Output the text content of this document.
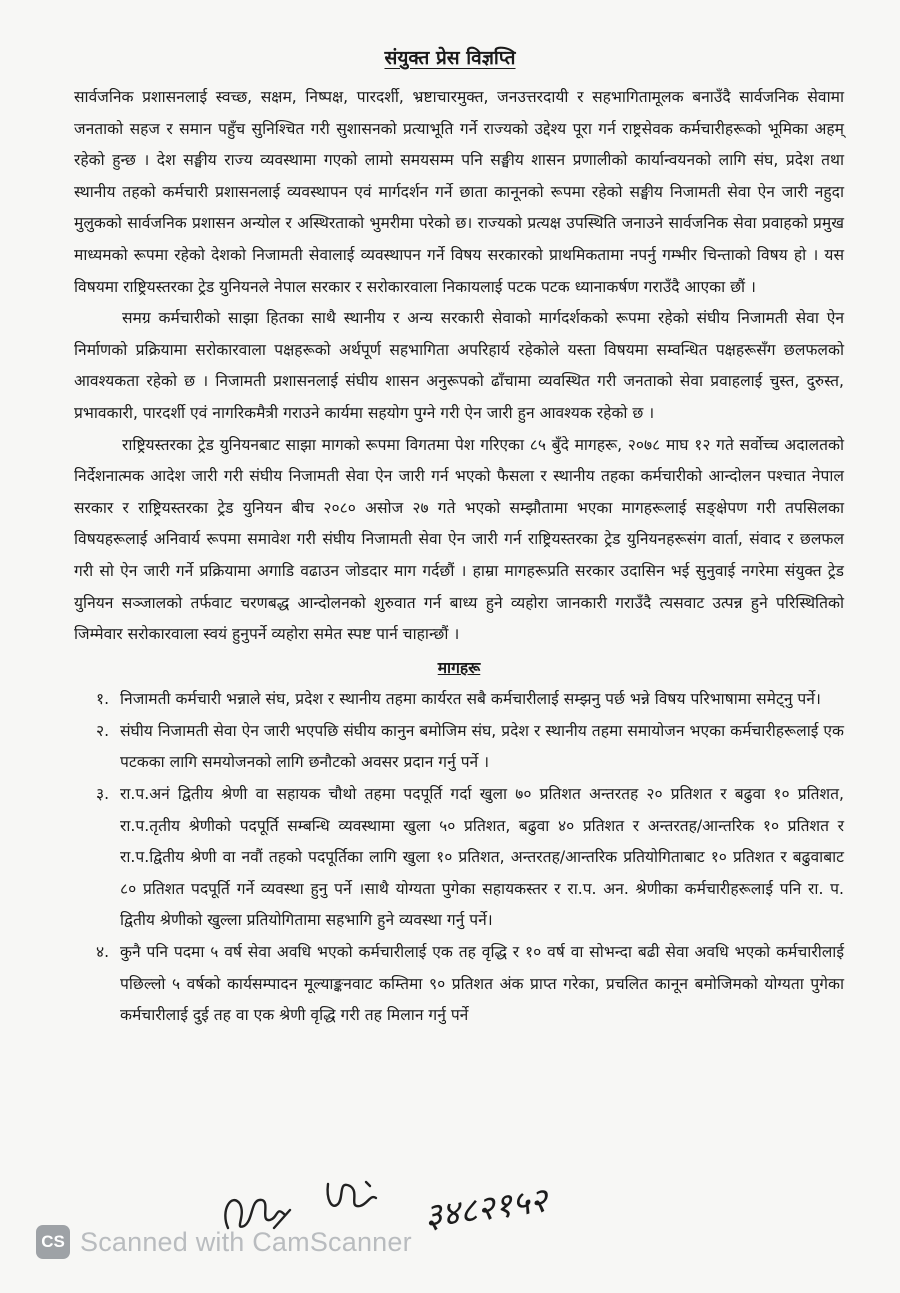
संयुक्त प्रेस विज्ञप्ति

सार्वजनिक प्रशासनलाई स्वच्छ, सक्षम, निष्पक्ष, पारदर्शी, भ्रष्टाचारमुक्त, जनउत्तरदायी र सहभागितामूलक बनाउँदै सार्वजनिक सेवामा जनताको सहज र समान पहुँच सुनिश्चित गरी सुशासनको प्रत्याभूति गर्ने राज्यको उद्देश्य पूरा गर्न राष्ट्रसेवक कर्मचारीहरूको भूमिका अहम् रहेको हुन्छ । देश सङ्घीय राज्य व्यवस्थामा गएको लामो समयसम्म पनि सङ्घीय शासन प्रणालीको कार्यान्वयनको लागि संघ, प्रदेश तथा स्थानीय तहको कर्मचारी प्रशासनलाई व्यवस्थापन एवं मार्गदर्शन गर्ने छाता कानूनको रूपमा रहेको सङ्घीय निजामती सेवा ऐन जारी नहुदा मुलुकको सार्वजनिक प्रशासन अन्योल र अस्थिरताको भुमरीमा परेको छ। राज्यको प्रत्यक्ष उपस्थिति जनाउने सार्वजनिक सेवा प्रवाहको प्रमुख माध्यमको रूपमा रहेको देशको निजामती सेवालाई व्यवस्थापन गर्ने विषय सरकारको प्राथमिकतामा नपर्नु गम्भीर चिन्ताको विषय हो । यस विषयमा राष्ट्रियस्तरका ट्रेड युनियनले नेपाल सरकार र सरोकारवाला निकायलाई पटक पटक ध्यानाकर्षण गराउँदै आएका छौं ।

समग्र कर्मचारीको साझा हितका साथै स्थानीय र अन्य सरकारी सेवाको मार्गदर्शकको रूपमा रहेको संघीय निजामती सेवा ऐन निर्माणको प्रक्रियामा सरोकारवाला पक्षहरूको अर्थपूर्ण सहभागिता अपरिहार्य रहेकोले यस्ता विषयमा सम्वन्धित पक्षहरूसँग छलफलको आवश्यकता रहेको छ । निजामती प्रशासनलाई संघीय शासन अनुरूपको ढाँचामा व्यवस्थित गरी जनताको सेवा प्रवाहलाई चुस्त, दुरुस्त, प्रभावकारी, पारदर्शी एवं नागरिकमैत्री गराउने कार्यमा सहयोग पुग्ने गरी ऐन जारी हुन आवश्यक रहेको छ ।

राष्ट्रियस्तरका ट्रेड युनियनबाट साझा मागको रूपमा विगतमा पेश गरिएका ८५ बुँदे मागहरू, २०७८ माघ १२ गते सर्वोच्च अदालतको निर्देशनात्मक आदेश जारी गरी संघीय निजामती सेवा ऐन जारी गर्न भएको फैसला र स्थानीय तहका कर्मचारीको आन्दोलन पश्चात नेपाल सरकार र राष्ट्रियस्तरका ट्रेड युनियन बीच २०८० असोज २७ गते भएको सम्झौतामा भएका मागहरूलाई सङ्क्षेपण गरी तपसिलका विषयहरूलाई अनिवार्य रूपमा समावेश गरी संघीय निजामती सेवा ऐन जारी गर्न राष्ट्रियस्तरका ट्रेड युनियनहरूसंग वार्ता, संवाद र छलफल गरी सो ऐन जारी गर्ने प्रक्रियामा अगाडि वढाउन जोडदार माग गर्दछौं । हाम्रा मागहरूप्रति सरकार उदासिन भई सुनुवाई नगरेमा संयुक्त ट्रेड युनियन सञ्जालको तर्फवाट चरणबद्ध आन्दोलनको शुरुवात गर्न बाध्य हुने व्यहोरा जानकारी गराउँदै त्यसवाट उत्पन्न हुने परिस्थितिको जिम्मेवार सरोकारवाला स्वयं हुनुपर्ने व्यहोरा समेत स्पष्ट पार्न चाहान्छौं ।

मागहरू
१. निजामती कर्मचारी भन्नाले संघ, प्रदेश र स्थानीय तहमा कार्यरत सबै कर्मचारीलाई सम्झनु पर्छ भन्ने विषय परिभाषामा समेट्नु पर्ने।
२. संघीय निजामती सेवा ऐन जारी भएपछि संघीय कानुन बमोजिम संघ, प्रदेश र स्थानीय तहमा समायोजन भएका कर्मचारीहरूलाई एक पटकका लागि समयोजनको लागि छनौटको अवसर प्रदान गर्नु पर्ने ।
३. रा.प.अनं द्वितीय श्रेणी वा सहायक चौथो तहमा पदपूर्ति गर्दा खुला ७० प्रतिशत अन्तरतह २० प्रतिशत र बढुवा १० प्रतिशत, रा.प.तृतीय श्रेणीको पदपूर्ति सम्बन्धि व्यवस्थामा खुला ५० प्रतिशत, बढुवा ४० प्रतिशत र अन्तरतह/आन्तरिक १० प्रतिशत र रा.प.द्वितीय श्रेणी वा नवौं तहको पदपूर्तिका लागि खुला १० प्रतिशत, अन्तरतह/आन्तरिक प्रतियोगिताबाट १० प्रतिशत र बढुवाबाट ८० प्रतिशत पदपूर्ति गर्ने व्यवस्था हुनु पर्ने ।साथै योग्यता पुगेका सहायकस्तर र रा.प. अन. श्रेणीका कर्मचारीहरूलाई पनि रा. प. द्वितीय श्रेणीको खुल्ला प्रतियोगितामा सहभागि हुने व्यवस्था गर्नु पर्ने।
४. कुनै पनि पदमा ५ वर्ष सेवा अवधि भएको कर्मचारीलाई एक तह वृद्धि र १० वर्ष वा सोभन्दा बढी सेवा अवधि भएको कर्मचारीलाई पछिल्लो ५ वर्षको कार्यसम्पादन मूल्याङ्कनवाट कम्तिमा ९० प्रतिशत अंक प्राप्त गरेका, प्रचलित कानून बमोजिमको योग्यता पुगेका कर्मचारीलाई दुई तह वा एक श्रेणी वृद्धि गरी तह मिलान गर्नु पर्ने
३४८२१५२
CS Scanned with CamScanner
